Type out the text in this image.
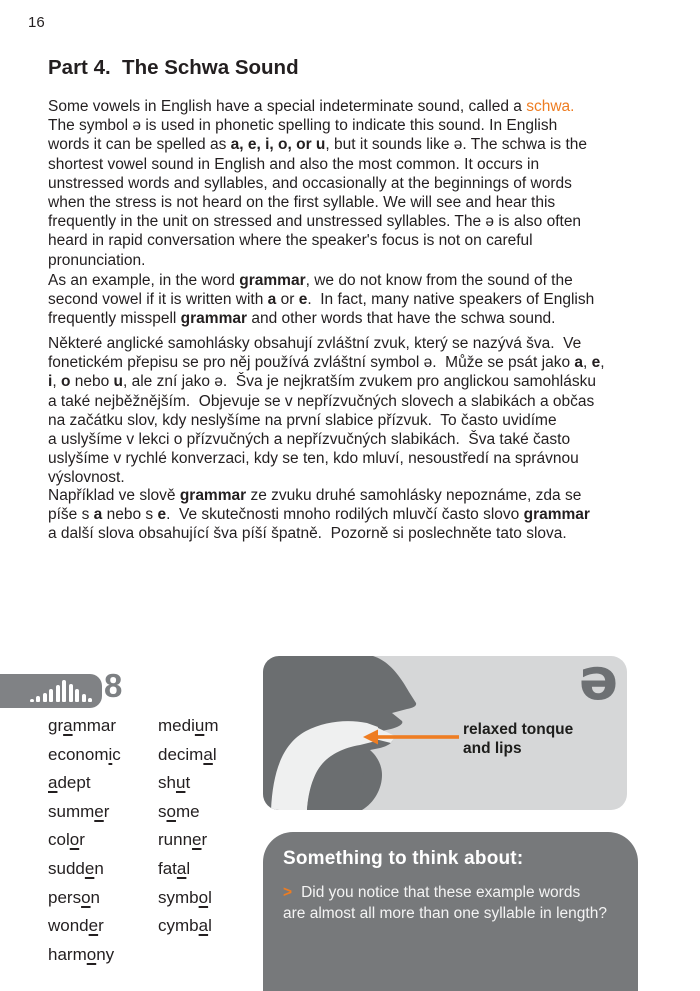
16
Part 4.  The Schwa Sound

Some vowels in English have a special indeterminate sound, called a schwa.
The symbol ə is used in phonetic spelling to indicate this sound. In English
words it can be spelled as a, e, i, o, or u, but it sounds like ə. The schwa is the
shortest vowel sound in English and also the most common. It occurs in
unstressed words and syllables, and occasionally at the beginnings of words
when the stress is not heard on the first syllable. We will see and hear this
frequently in the unit on stressed and unstressed syllables. The ə is also often
heard in rapid conversation where the speaker's focus is not on careful
pronunciation.

As an example, in the word grammar, we do not know from the sound of the
second vowel if it is written with a or e.  In fact, many native speakers of English
frequently misspell grammar and other words that have the schwa sound.

Některé anglické samohlásky obsahují zvláštní zvuk, který se nazývá šva.  Ve
fonetickém přepisu se pro něj používá zvláštní symbol ə.  Může se psát jako a, e,
i, o nebo u, ale zní jako ə.  Šva je nejkratším zvukem pro anglickou samohlásku
a také nejběžnějším.  Objevuje se v nepřízvučných slovech a slabikách a občas
na začátku slov, kdy neslyšíme na první slabice přízvuk.  To často uvidíme
a uslyšíme v lekci o přízvučných a nepřízvučných slabikách.  Šva také často
uslyšíme v rychlé konverzaci, kdy se ten, kdo mluví, nesoustředí na správnou
výslovnost.

Například ve slově grammar ze zvuku druhé samohlásky nepoznáme, zda se
píše s a nebo s e.  Ve skutečnosti mnoho rodilých mluvčí často slovo grammar
a další slova obsahující šva píší špatně.  Pozorně si poslechněte tato slova.

8
grammar
economic
adept
summer
color
sudden
person
wonder
harmony
medium
decimal
shut
some
runner
fatal
symbol
cymbal
relaxed tonque
and lips
ə
Something to think about:

> Did you notice that these example words
are almost all more than one syllable in length?
